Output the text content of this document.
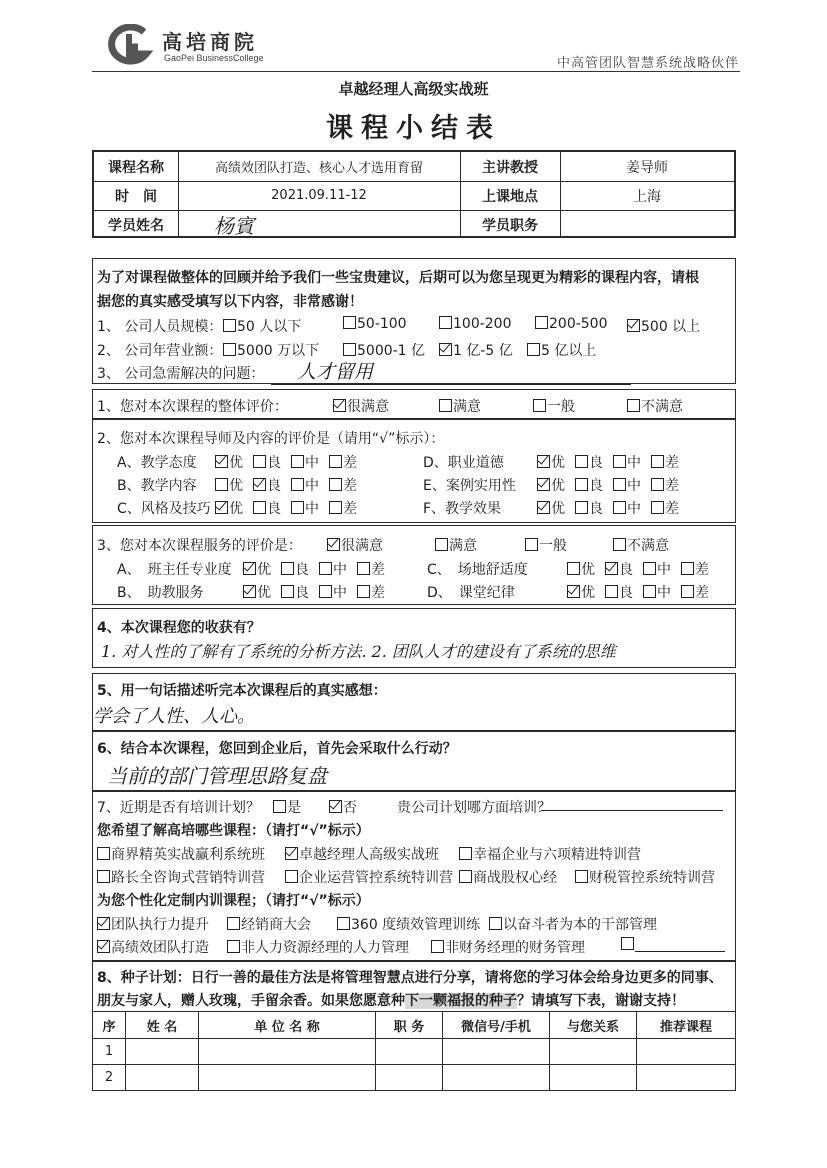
高培商院
GaoPei BusinessCollege	中高管团队智慧系统战略伙伴
卓越经理人高级实战班
课程小结表
课程名称	高绩效团队打造、核心人才选用育留	主讲教授	姜导师
时　间	2021.09.11-12	上课地点	上海
学员姓名	杨賓	学员职务
为了对课程做整体的回顾并给予我们一些宝贵建议，后期可以为您呈现更为精彩的课程内容，请根
据您的真实感受填写以下内容，非常感谢！
1、 公司人员规模：	50 人以下	50-100	100-200	200-500	500 以上
2、 公司年营业额：	5000 万以下	5000-1 亿	1 亿-5 亿	5 亿以上
3、 公司急需解决的问题：	人才留用
1、您对本次课程的整体评价：	很满意	满意	一般	不满意
2、您对本次课程导师及内容的评价是（请用“√”标示）：
A、教学态度	优	良	中	差
B、教学内容	优	良	中	差
C、风格及技巧	优	良	中	差
D、职业道德	优	良	中	差
E、案例实用性	优	良	中	差
F、教学效果	优	良	中	差
3、您对本次课程服务的评价是：	很满意	满意	一般	不满意
A、　班主任专业度	优	良	中	差
B、　助教服务	优	良	中	差
C、　场地舒适度	优	良	中	差
D、　课堂纪律	优	良	中	差
4、本次课程您的收获有？
1. 对人性的了解有了系统的分析方法. 2. 团队人才的建设有了系统的思维
5、用一句话描述听完本次课程后的真实感想：
学会了人性、人心。
6、结合本次课程，您回到企业后，首先会采取什么行动？
当前的部门管理思路复盘
7、近期是否有培训计划？	是	否	贵公司计划哪方面培训？
您希望了解高培哪些课程：（请打“√”标示）
商界精英实战赢利系统班	卓越经理人高级实战班	幸福企业与六项精进特训营
路长全咨询式营销特训营	企业运营管控系统特训营	商战股权心经	财税管控系统特训营
为您个性化定制内训课程；（请打“√”标示）
团队执行力提升	经销商大会	360 度绩效管理训练	以奋斗者为本的干部管理
高绩效团队打造	非人力资源经理的人力管理	非财务经理的财务管理
8、种子计划：日行一善的最佳方法是将管理智慧点进行分享，请将您的学习体会给身边更多的同事、
朋友与家人，赠人玫瑰，手留余香。如果您愿意种下一颗福报的种子？请填写下表，谢谢支持！
序	姓 名	单 位 名 称	职 务	微信号/手机	与您关系	推荐课程
1						
2						
